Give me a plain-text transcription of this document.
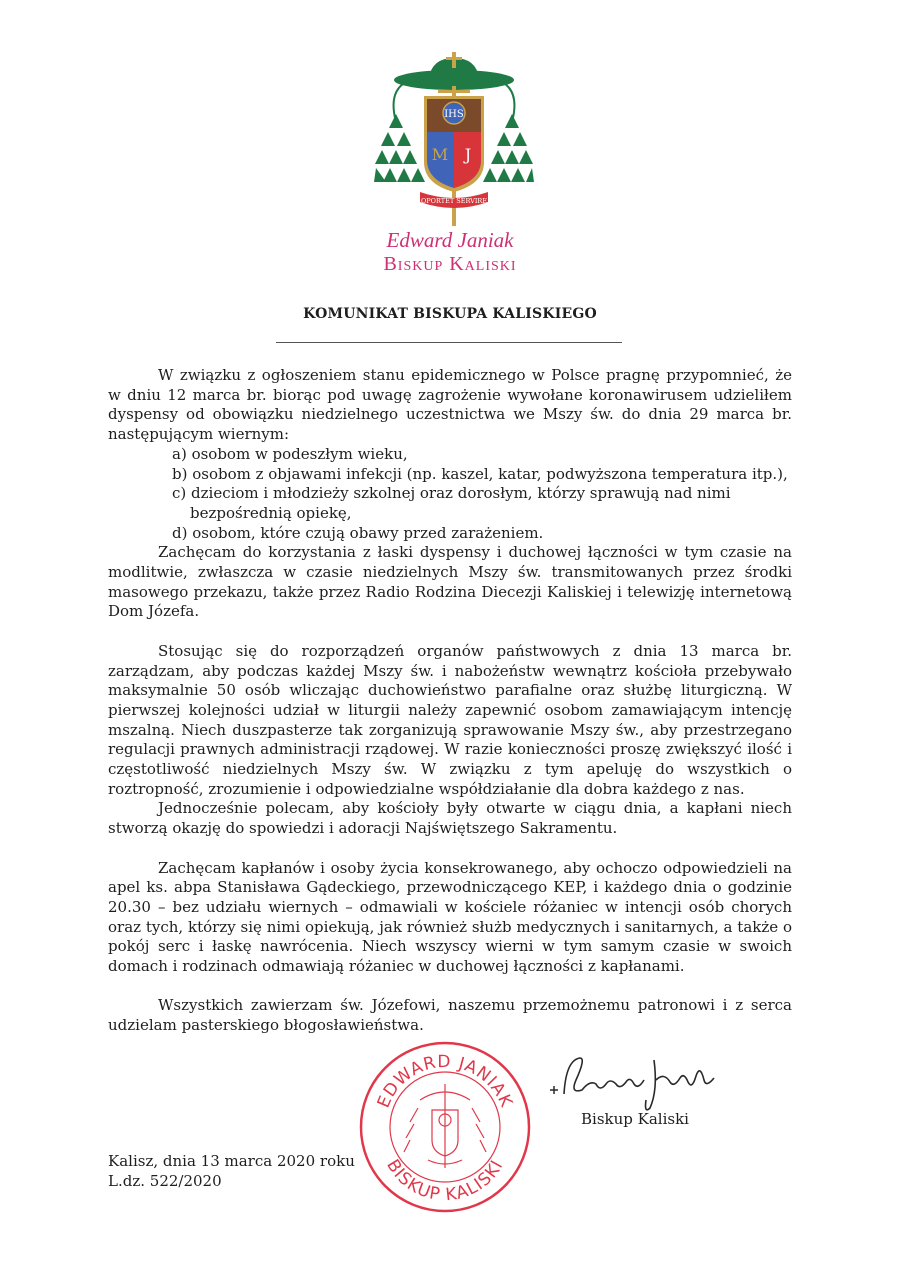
IHS
M J
OPORTET SERVIRE
Edward Janiak
Biskup Kaliski
KOMUNIKAT BISKUPA KALISKIEGO

W związku z ogłoszeniem stanu epidemicznego w Polsce pragnę przypomnieć, że w dniu 12 marca br. biorąc pod uwagę zagrożenie wywołane koronawirusem udzieliłem dyspensy od obowiązku niedzielnego uczestnictwa we Mszy św. do dnia 29 marca br. następującym wiernym:

a) osobom w podeszłym wieku,
b) osobom z objawami infekcji (np. kaszel, katar, podwyższona temperatura itp.),
c) dzieciom i młodzieży szkolnej oraz dorosłym, którzy sprawują nad nimi
bezpośrednią opiekę,
d) osobom, które czują obawy przed zarażeniem.

Zachęcam do korzystania z łaski dyspensy i duchowej łączności w tym czasie na modlitwie, zwłaszcza w czasie niedzielnych Mszy św. transmitowanych przez środki masowego przekazu, także przez Radio Rodzina Diecezji Kaliskiej i telewizję internetową Dom Józefa.

Stosując się do rozporządzeń organów państwowych z dnia 13 marca br. zarządzam, aby podczas każdej Mszy św. i nabożeństw wewnątrz kościoła przebywało maksymalnie 50 osób wliczając duchowieństwo parafialne oraz służbę liturgiczną. W pierwszej kolejności udział w liturgii należy zapewnić osobom zamawiającym intencję mszalną. Niech duszpasterze tak zorganizują sprawowanie Mszy św., aby przestrzegano regulacji prawnych administracji rządowej. W razie konieczności proszę zwiększyć ilość i częstotliwość niedzielnych Mszy św. W związku z tym apeluję do wszystkich o roztropność, zrozumienie i odpowiedzialne współdziałanie dla dobra każdego z nas.

Jednocześnie polecam, aby kościoły były otwarte w ciągu dnia, a kapłani niech stworzą okazję do spowiedzi i adoracji Najświętszego Sakramentu.

Zachęcam kapłanów i osoby życia konsekrowanego, aby ochoczo odpowiedzieli na apel ks. abpa Stanisława Gądeckiego, przewodniczącego KEP, i każdego dnia o godzinie 20.30 – bez udziału wiernych – odmawiali w kościele różaniec w intencji osób chorych oraz tych, którzy się nimi opiekują, jak również służb medycznych i sanitarnych, a także o pokój serc i łaskę nawrócenia. Niech wszyscy wierni w tym samym czasie w swoich domach i rodzinach odmawiają różaniec w duchowej łączności z kapłanami.

Wszystkich zawierzam św. Józefowi, naszemu przemożnemu patronowi i z serca udzielam pasterskiego błogosławieństwa.

EDWARD JANIAK
BISKUP KALISKI
+ Edward Janiak
Biskup Kaliski
Kalisz, dnia 13 marca 2020 roku
L.dz. 522/2020
